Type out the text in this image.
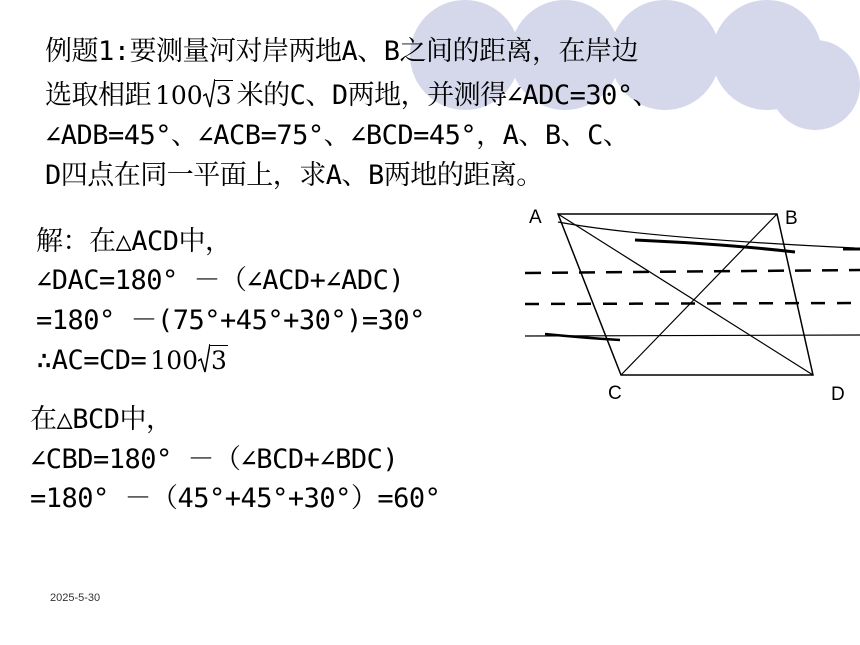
例题1:要测量河对岸两地A、B之间的距离，在岸边
选取相距 100 3 米的C、D两地，并测得∠ADC=30°、
∠ADB=45°、∠ACB=75°、∠BCD=45°，A、B、C、
D四点在同一平面上，求A、B两地的距离。
解：在△ACD中，
∠DAC=180° －（∠ACD+∠ADC)
=180° －(75°+45°+30°)=30°
∴AC=CD= 100 3
在△BCD中，
∠CBD=180° －（∠BCD+∠BDC)
=180° －（45°+45°+30°）=60°
A	B
C	D
2025-5-30
